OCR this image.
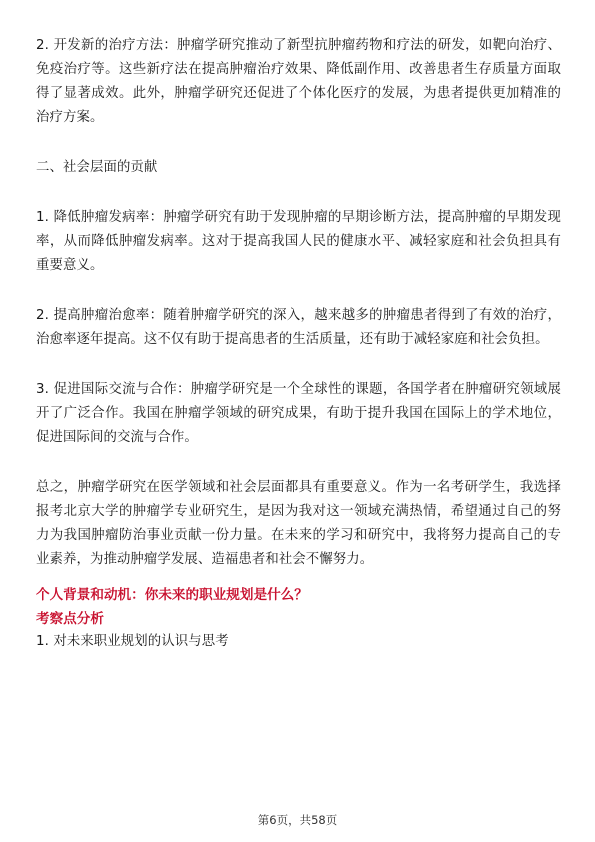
2. 开发新的治疗方法：肿瘤学研究推动了新型抗肿瘤药物和疗法的研发，如靶向治疗、免疫治疗等。这些新疗法在提高肿瘤治疗效果、降低副作用、改善患者生存质量方面取得了显著成效。此外，肿瘤学研究还促进了个体化医疗的发展，为患者提供更加精准的治疗方案。

二、社会层面的贡献

1. 降低肿瘤发病率：肿瘤学研究有助于发现肿瘤的早期诊断方法，提高肿瘤的早期发现率，从而降低肿瘤发病率。这对于提高我国人民的健康水平、减轻家庭和社会负担具有重要意义。

2. 提高肿瘤治愈率：随着肿瘤学研究的深入，越来越多的肿瘤患者得到了有效的治疗，治愈率逐年提高。这不仅有助于提高患者的生活质量，还有助于减轻家庭和社会负担。

3. 促进国际交流与合作：肿瘤学研究是一个全球性的课题，各国学者在肿瘤研究领域展开了广泛合作。我国在肿瘤学领域的研究成果，有助于提升我国在国际上的学术地位，促进国际间的交流与合作。

总之，肿瘤学研究在医学领域和社会层面都具有重要意义。作为一名考研学生，我选择报考北京大学的肿瘤学专业研究生，是因为我对这一领域充满热情，希望通过自己的努力为我国肿瘤防治事业贡献一份力量。在未来的学习和研究中，我将努力提高自己的专业素养，为推动肿瘤学发展、造福患者和社会不懈努力。

个人背景和动机：你未来的职业规划是什么？

考察点分析

1. 对未来职业规划的认识与思考

第6页，共58页
